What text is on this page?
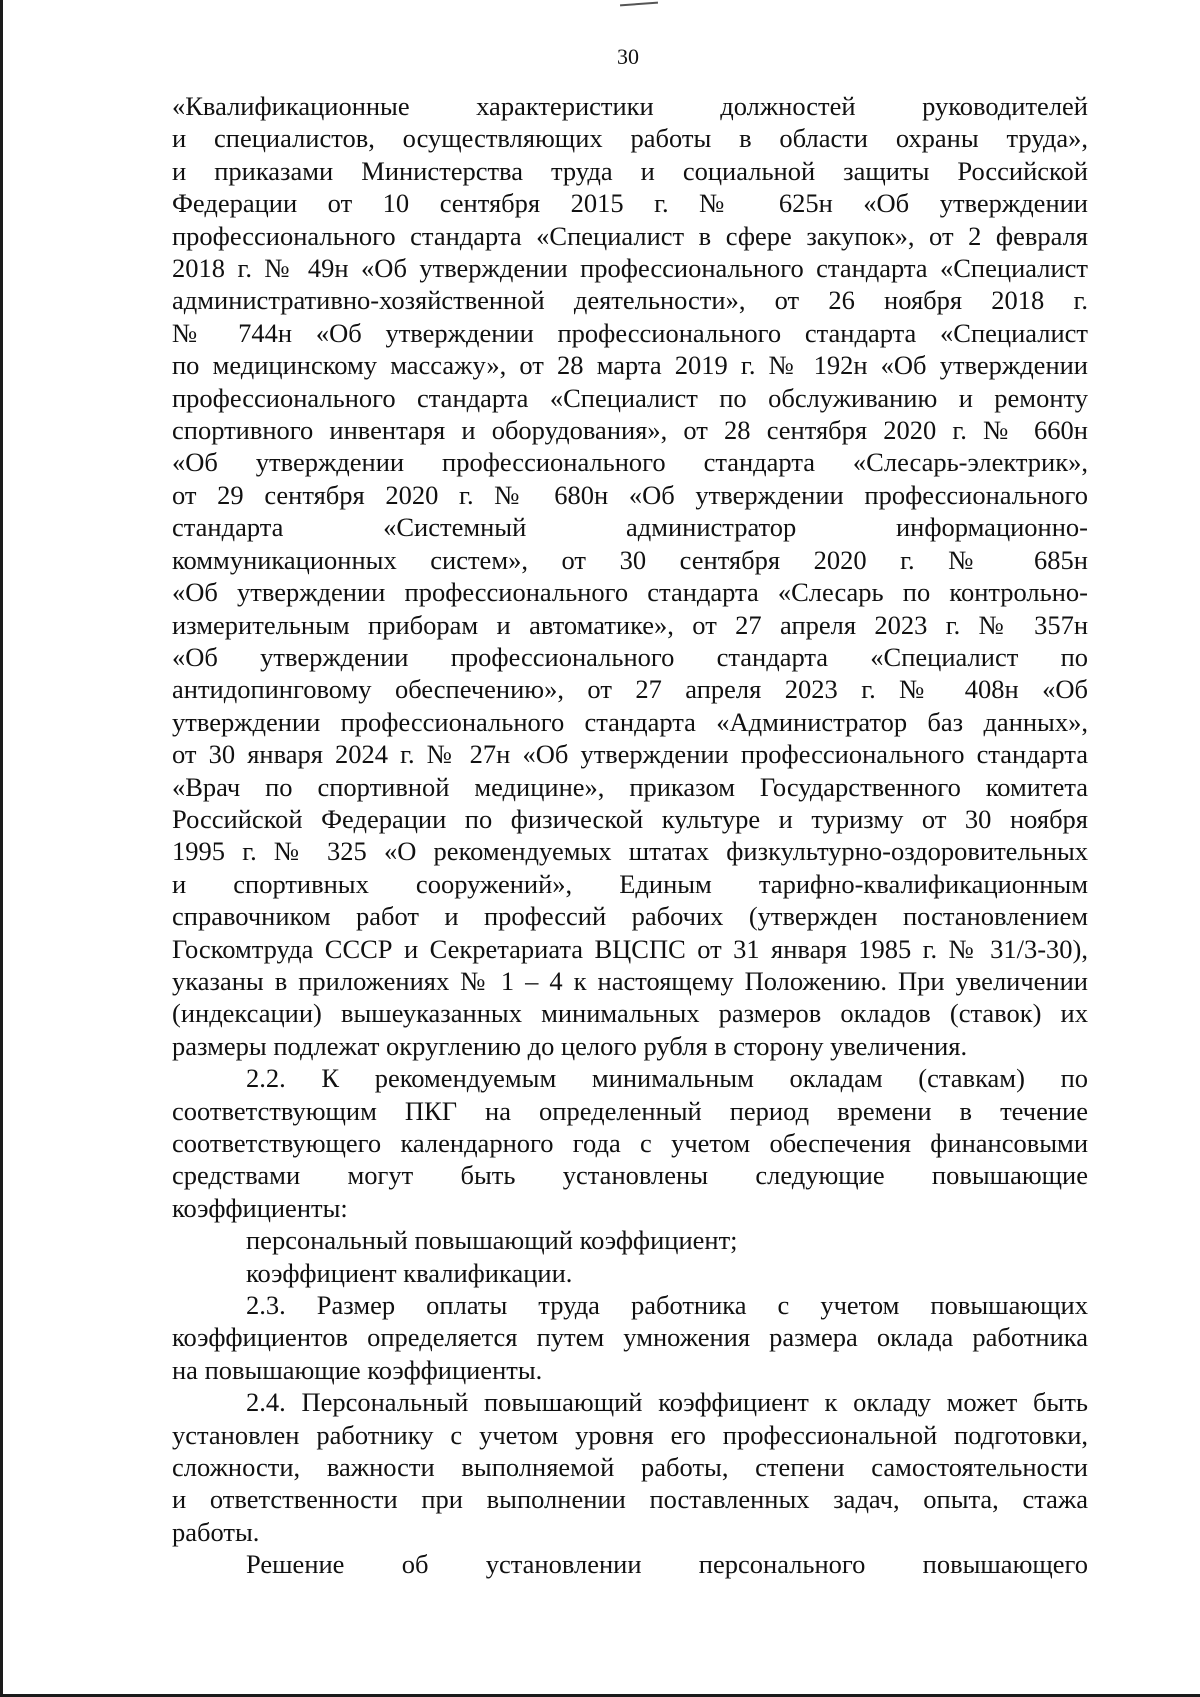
30

«Квалификационные характеристики должностей руководителей

и специалистов, осуществляющих работы в области охраны труда»,

и приказами Министерства труда и социальной защиты Российской

Федерации от 10 сентября 2015 г. № 625н «Об утверждении

профессионального стандарта «Специалист в сфере закупок», от 2 февраля

2018 г. № 49н «Об утверждении профессионального стандарта «Специалист

административно-хозяйственной деятельности», от 26 ноября 2018 г.

№ 744н «Об утверждении профессионального стандарта «Специалист

по медицинскому массажу», от 28 марта 2019 г. № 192н «Об утверждении

профессионального стандарта «Специалист по обслуживанию и ремонту

спортивного инвентаря и оборудования», от 28 сентября 2020 г. № 660н

«Об утверждении профессионального стандарта «Слесарь-электрик»,

от 29 сентября 2020 г. № 680н «Об утверждении профессионального

стандарта «Системный администратор информационно-

коммуникационных систем», от 30 сентября 2020 г. № 685н

«Об утверждении профессионального стандарта «Слесарь по контрольно-

измерительным приборам и автоматике», от 27 апреля 2023 г. № 357н

«Об утверждении профессионального стандарта «Специалист по

антидопинговому обеспечению», от 27 апреля 2023 г. № 408н «Об

утверждении профессионального стандарта «Администратор баз данных»,

от 30 января 2024 г. № 27н «Об утверждении профессионального стандарта

«Врач по спортивной медицине», приказом Государственного комитета

Российской Федерации по физической культуре и туризму от 30 ноября

1995 г. № 325 «О рекомендуемых штатах физкультурно-оздоровительных

и спортивных сооружений», Единым тарифно-квалификационным

справочником работ и профессий рабочих (утвержден постановлением

Госкомтруда СССР и Секретариата ВЦСПС от 31 января 1985 г. № 31/3-30),

указаны в приложениях № 1 – 4 к настоящему Положению. При увеличении

(индексации) вышеуказанных минимальных размеров окладов (ставок) их

размеры подлежат округлению до целого рубля в сторону увеличения.

2.2. К рекомендуемым минимальным окладам (ставкам) по

соответствующим ПКГ на определенный период времени в течение

соответствующего календарного года с учетом обеспечения финансовыми

средствами могут быть установлены следующие повышающие

коэффициенты:

персональный повышающий коэффициент;

коэффициент квалификации.

2.3. Размер оплаты труда работника с учетом повышающих

коэффициентов определяется путем умножения размера оклада работника

на повышающие коэффициенты.

2.4. Персональный повышающий коэффициент к окладу может быть

установлен работнику с учетом уровня его профессиональной подготовки,

сложности, важности выполняемой работы, степени самостоятельности

и ответственности при выполнении поставленных задач, опыта, стажа

работы.

Решение об установлении персонального повышающего
